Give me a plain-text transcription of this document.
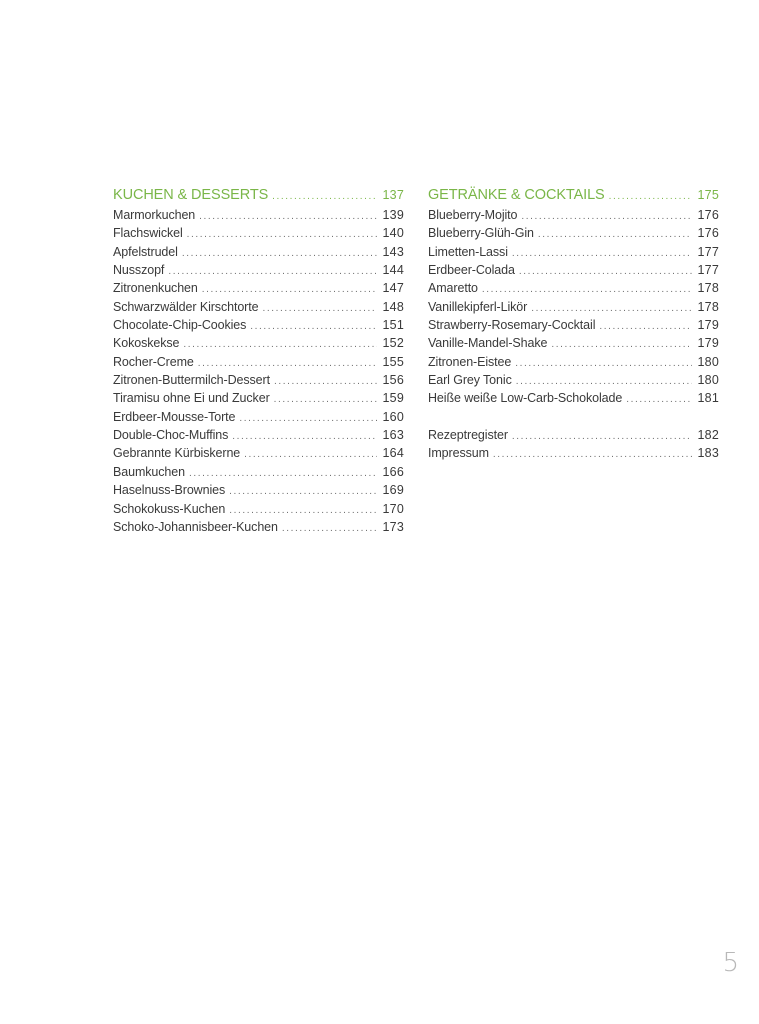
KUCHEN & DESSERTS .....	137
Marmorkuchen .....	139
Flachswickel .....	140
Apfelstrudel .....	143
Nusszopf .....	144
Zitronenkuchen .....	147
Schwarzwälder Kirschtorte .....	148
Chocolate-Chip-Cookies .....	151
Kokoskekse .....	152
Rocher-Creme .....	155
Zitronen-Buttermilch-Dessert .....	156
Tiramisu ohne Ei und Zucker .....	159
Erdbeer-Mousse-Torte .....	160
Double-Choc-Muffins .....	163
Gebrannte Kürbiskerne .....	164
Baumkuchen .....	166
Haselnuss-Brownies .....	169
Schokokuss-Kuchen .....	170
Schoko-Johannisbeer-Kuchen .....	173
GETRÄNKE & COCKTAILS .....	175
Blueberry-Mojito .....	176
Blueberry-Glüh-Gin .....	176
Limetten-Lassi .....	177
Erdbeer-Colada .....	177
Amaretto .....	178
Vanillekipferl-Likör .....	178
Strawberry-Rosemary-Cocktail .....	179
Vanille-Mandel-Shake .....	179
Zitronen-Eistee .....	180
Earl Grey Tonic .....	180
Heiße weiße Low-Carb-Schokolade .....	181
Rezeptregister .....	182
Impressum .....	183
5
